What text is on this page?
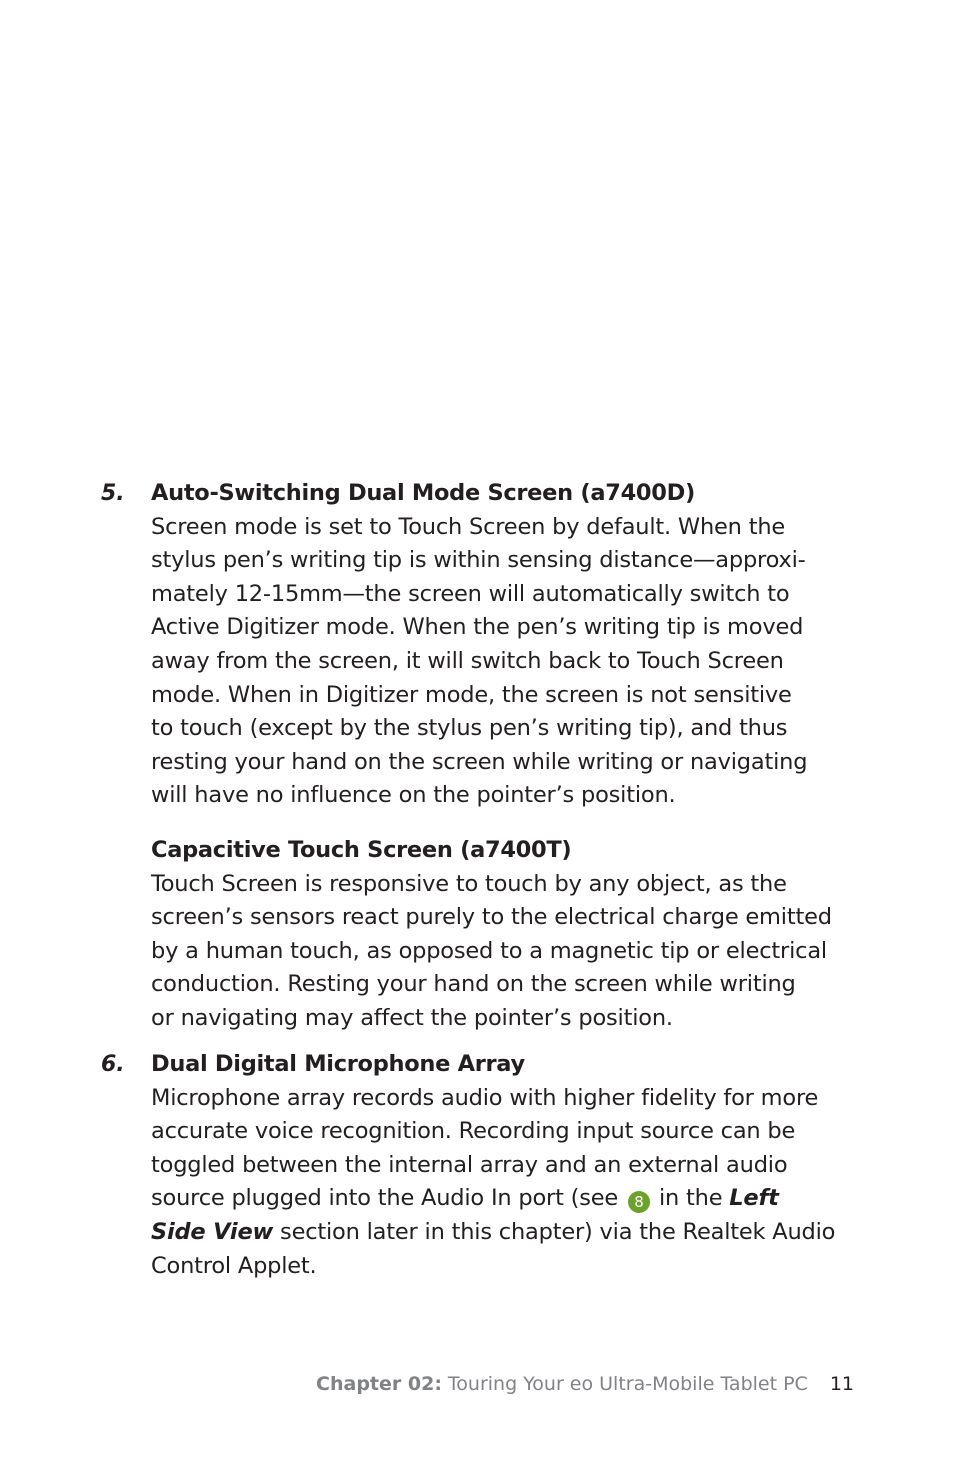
5. Auto-Switching Dual Mode Screen (a7400D)
Screen mode is set to Touch Screen by default. When the
stylus pen’s writing tip is within sensing distance—approxi-
mately 12-15mm—the screen will automatically switch to
Active Digitizer mode. When the pen’s writing tip is moved
away from the screen, it will switch back to Touch Screen
mode. When in Digitizer mode, the screen is not sensitive
to touch (except by the stylus pen’s writing tip), and thus
resting your hand on the screen while writing or navigating
will have no influence on the pointer’s position.
Capacitive Touch Screen (a7400T)
Touch Screen is responsive to touch by any object, as the
screen’s sensors react purely to the electrical charge emitted
by a human touch, as opposed to a magnetic tip or electrical
conduction. Resting your hand on the screen while writing
or navigating may affect the pointer’s position.
6. Dual Digital Microphone Array
Microphone array records audio with higher fidelity for more
accurate voice recognition. Recording input source can be
toggled between the internal array and an external audio
source plugged into the Audio In port (see 8 in the Left
Side View section later in this chapter) via the Realtek Audio
Control Applet.
Chapter 02: Touring Your eo Ultra-Mobile Tablet PC 11
